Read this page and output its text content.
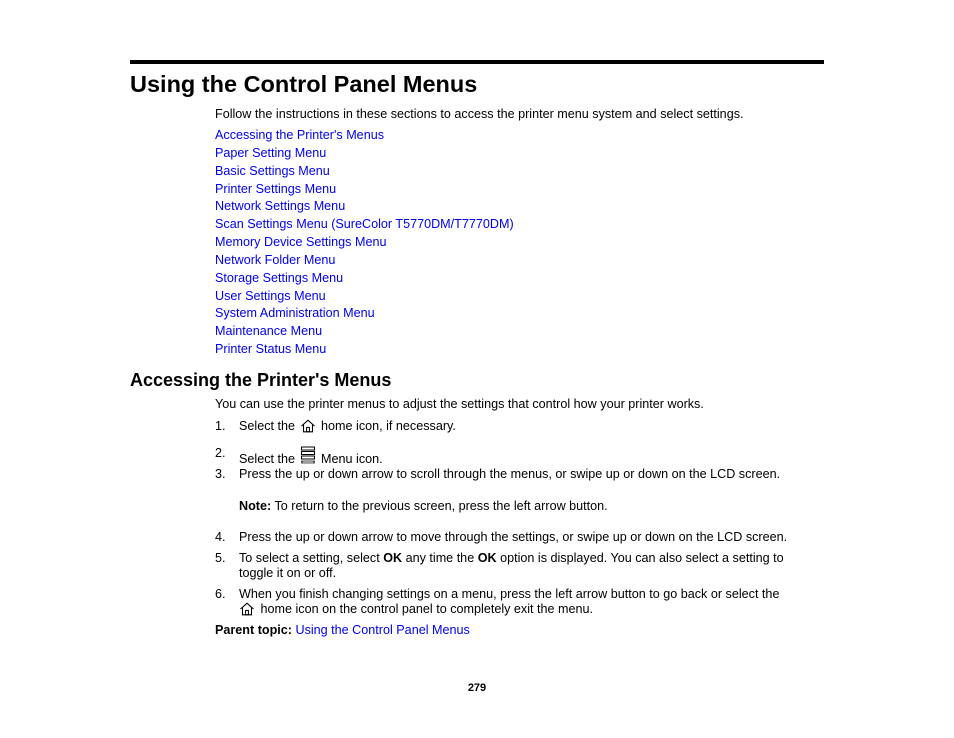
Using the Control Panel Menus
Follow the instructions in these sections to access the printer menu system and select settings.
Accessing the Printer's Menus
Paper Setting Menu
Basic Settings Menu
Printer Settings Menu
Network Settings Menu
Scan Settings Menu (SureColor T5770DM/T7770DM)
Memory Device Settings Menu
Network Folder Menu
Storage Settings Menu
User Settings Menu
System Administration Menu
Maintenance Menu
Printer Status Menu
Accessing the Printer's Menus
You can use the printer menus to adjust the settings that control how your printer works.
1. Select the home icon, if necessary.
2. Select the Menu icon.
3. Press the up or down arrow to scroll through the menus, or swipe up or down on the LCD screen.
Note: To return to the previous screen, press the left arrow button.
4. Press the up or down arrow to move through the settings, or swipe up or down on the LCD screen.
5. To select a setting, select OK any time the OK option is displayed. You can also select a setting to
toggle it on or off.
6. When you finish changing settings on a menu, press the left arrow button to go back or select the
home icon on the control panel to completely exit the menu.
Parent topic: Using the Control Panel Menus
279
